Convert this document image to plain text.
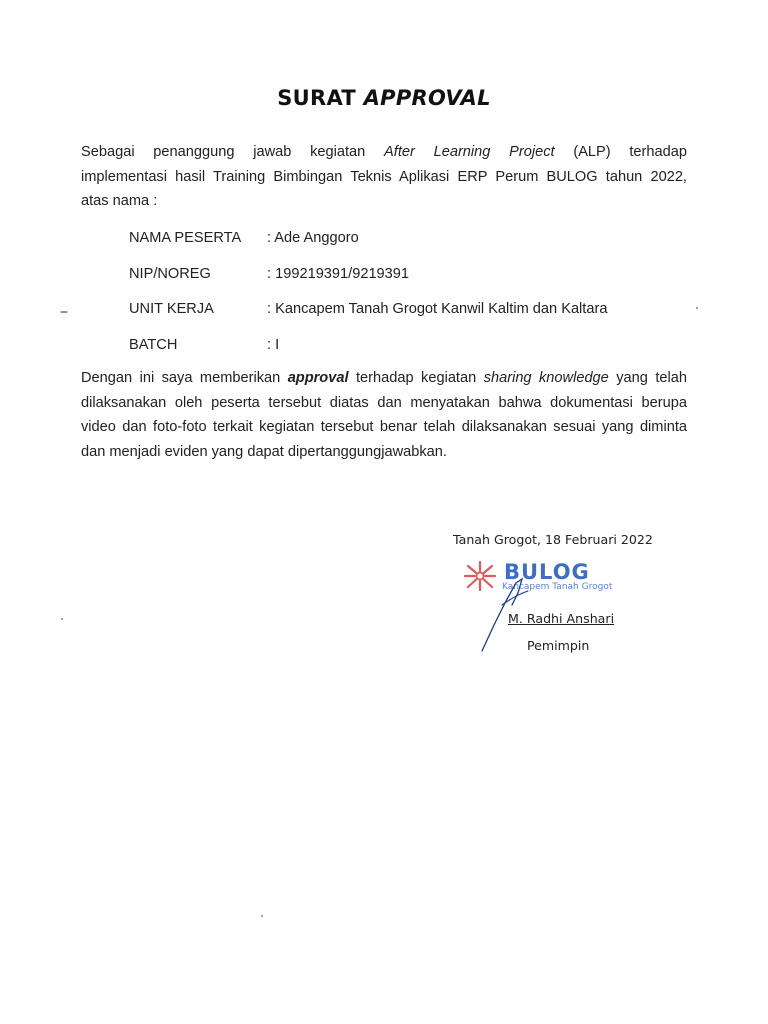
SURAT APPROVAL
Sebagai penanggung jawab kegiatan After Learning Project (ALP) terhadap
implementasi hasil Training Bimbingan Teknis Aplikasi ERP Perum BULOG tahun 2022,
atas nama :
NAMA PESERTA	: Ade Anggoro
NIP/NOREG	: 199219391/9219391
UNIT KERJA	: Kancapem Tanah Grogot Kanwil Kaltim dan Kaltara
BATCH	: I
Dengan ini saya memberikan approval terhadap kegiatan sharing knowledge yang telah
dilaksanakan oleh peserta tersebut diatas dan menyatakan bahwa dokumentasi berupa
video dan foto-foto terkait kegiatan tersebut benar telah dilaksanakan sesuai yang diminta
dan menjadi eviden yang dapat dipertanggungjawabkan.
Tanah Grogot, 18 Februari 2022
BULOG
Kancapem Tanah Grogot
M. Radhi Anshari
Pemimpin
